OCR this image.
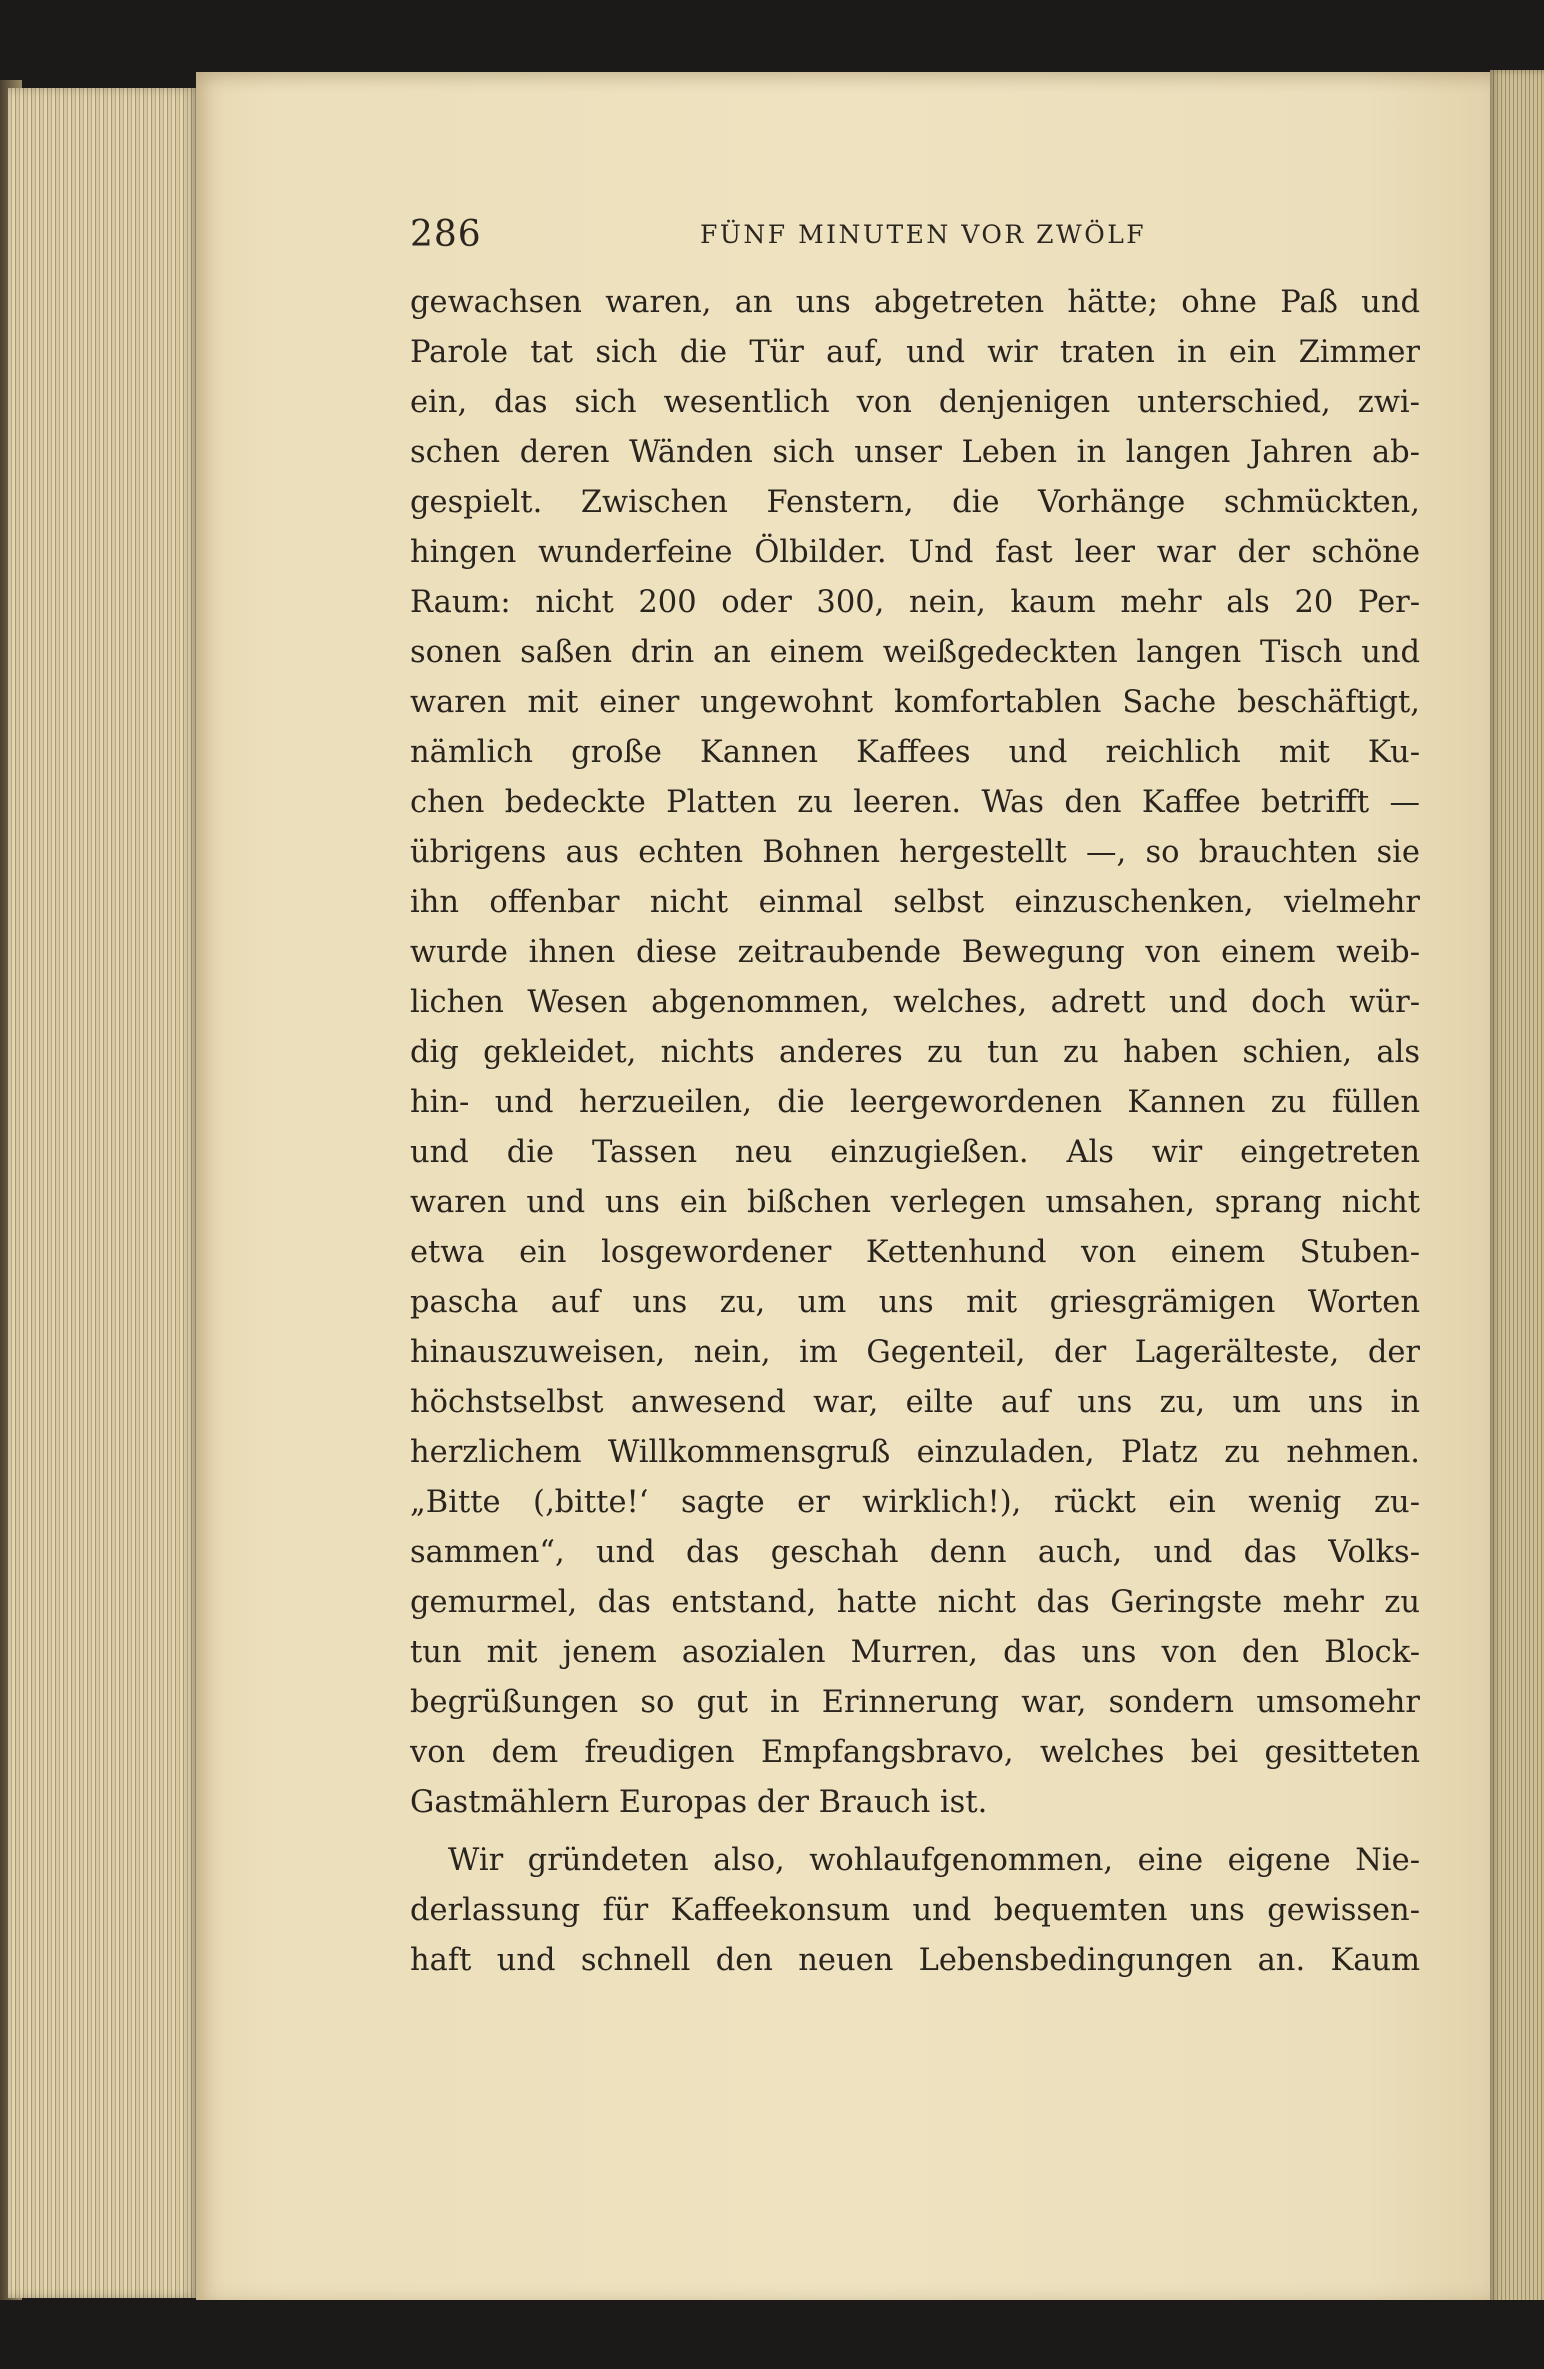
286	FÜNF MINUTEN VOR ZWÖLF
gewachsen waren, an uns abgetreten hätte; ohne Paß und
Parole tat sich die Tür auf, und wir traten in ein Zimmer
ein, das sich wesentlich von denjenigen unterschied, zwi-
schen deren Wänden sich unser Leben in langen Jahren ab-
gespielt. Zwischen Fenstern, die Vorhänge schmückten,
hingen wunderfeine Ölbilder. Und fast leer war der schöne
Raum: nicht 200 oder 300, nein, kaum mehr als 20 Per-
sonen saßen drin an einem weißgedeckten langen Tisch und
waren mit einer ungewohnt komfortablen Sache beschäftigt,
nämlich große Kannen Kaffees und reichlich mit Ku-
chen bedeckte Platten zu leeren. Was den Kaffee betrifft —
übrigens aus echten Bohnen hergestellt —, so brauchten sie
ihn offenbar nicht einmal selbst einzuschenken, vielmehr
wurde ihnen diese zeitraubende Bewegung von einem weib-
lichen Wesen abgenommen, welches, adrett und doch wür-
dig gekleidet, nichts anderes zu tun zu haben schien, als
hin- und herzueilen, die leergewordenen Kannen zu füllen
und die Tassen neu einzugießen. Als wir eingetreten
waren und uns ein bißchen verlegen umsahen, sprang nicht
etwa ein losgewordener Kettenhund von einem Stuben-
pascha auf uns zu, um uns mit griesgrämigen Worten
hinauszuweisen, nein, im Gegenteil, der Lagerälteste, der
höchstselbst anwesend war, eilte auf uns zu, um uns in
herzlichem Willkommensgruß einzuladen, Platz zu nehmen.
„Bitte (‚bitte!‘ sagte er wirklich!), rückt ein wenig zu-
sammen“, und das geschah denn auch, und das Volks-
gemurmel, das entstand, hatte nicht das Geringste mehr zu
tun mit jenem asozialen Murren, das uns von den Block-
begrüßungen so gut in Erinnerung war, sondern umsomehr
von dem freudigen Empfangsbravo, welches bei gesitteten
Gastmählern Europas der Brauch ist.
Wir gründeten also, wohlaufgenommen, eine eigene Nie-
derlassung für Kaffeekonsum und bequemten uns gewissen-
haft und schnell den neuen Lebensbedingungen an. Kaum
